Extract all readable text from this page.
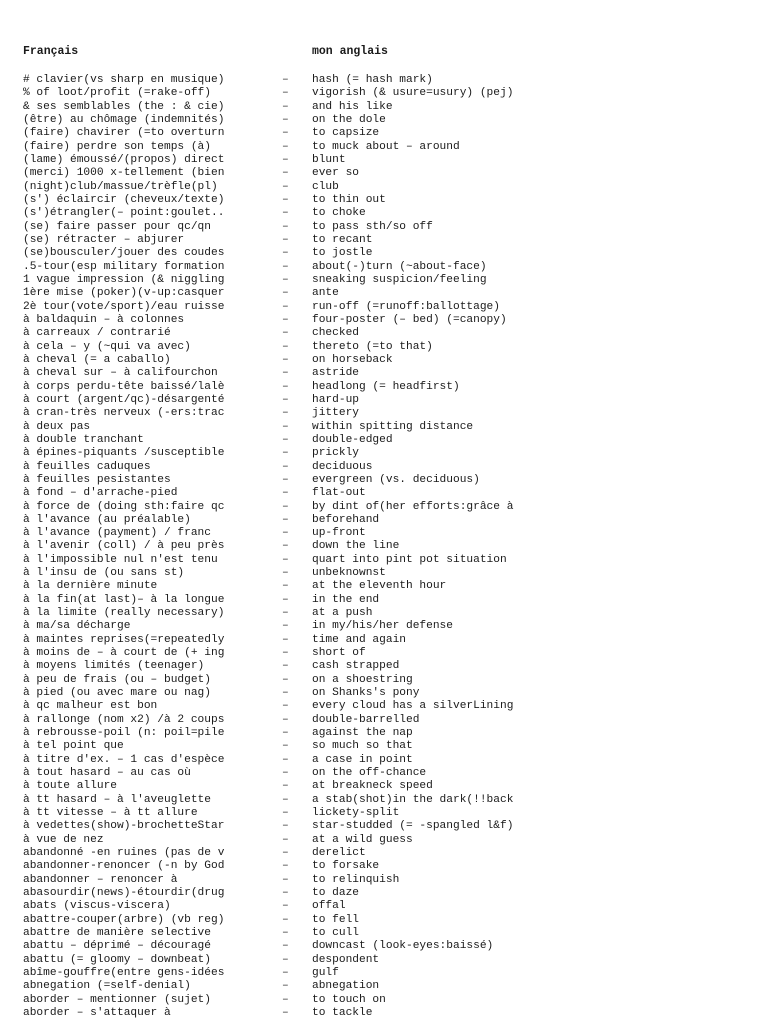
Français	mon anglais
# clavier(vs sharp en musique)	– hash (= hash mark)
% of loot/profit (=rake-off)	– vigorish (& usure=usury) (pej)
& ses semblables (the : & cie)	– and his like
(être) au chômage (indemnités)	– on the dole
(faire) chavirer (=to overturn	– to capsize
(faire) perdre son temps (à)	– to muck about – around
(lame) émoussé/(propos) direct	– blunt
(merci) 1000 x-tellement (bien	– ever so
(night)club/massue/trèfle(pl)	– club
(s') éclaircir (cheveux/texte)	– to thin out
(s')étrangler(– point:goulet..	– to choke
(se) faire passer pour qc/qn	– to pass sth/so off
(se) rétracter – abjurer	– to recant
(se)bousculer/jouer des coudes	– to jostle
.5-tour(esp military formation	– about(-)turn (~about-face)
1 vague impression (& niggling	– sneaking suspicion/feeling
1ère mise (poker)(v-up:casquer	– ante
2è tour(vote/sport)/eau ruisse	– run-off (=runoff:ballottage)
à baldaquin – à colonnes	– four-poster (– bed) (=canopy)
à carreaux / contrarié	– checked
à cela – y (~qui va avec)	– thereto (=to that)
à cheval (= a caballo)	– on horseback
à cheval sur – à califourchon	– astride
à corps perdu-tête baissé/lalè	– headlong (= headfirst)
à court (argent/qc)-désargenté	– hard-up
à cran-très nerveux (-ers:trac	– jittery
à deux pas	– within spitting distance
à double tranchant	– double-edged
à épines-piquants /susceptible	– prickly
à feuilles caduques	– deciduous
à feuilles pesistantes	– evergreen (vs. deciduous)
à fond – d'arrache-pied	– flat-out
à force de (doing sth:faire qc	– by dint of(her efforts:grâce à
à l'avance (au préalable)	– beforehand
à l'avance (payment) / franc	– up-front
à l'avenir (coll) / à peu près	– down the line
à l'impossible nul n'est tenu	– quart into pint pot situation
à l'insu de (ou sans st)	– unbeknownst
à la dernière minute	– at the eleventh hour
à la fin(at last)– à la longue	– in the end
à la limite (really necessary)	– at a push
à ma/sa décharge	– in my/his/her defense
à maintes reprises(=repeatedly	– time and again
à moins de – à court de (+ ing	– short of
à moyens limités (teenager)	– cash strapped
à peu de frais (ou – budget)	– on a shoestring
à pied (ou avec mare ou nag)	– on Shanks's pony
à qc malheur est bon	– every cloud has a silverLining
à rallonge (nom x2) /à 2 coups	– double-barrelled
à rebrousse-poil (n: poil=pile	– against the nap
à tel point que	– so much so that
à titre d'ex. – 1 cas d'espèce	– a case in point
à tout hasard – au cas où	– on the off-chance
à toute allure	– at breakneck speed
à tt hasard – à l'aveuglette	– a stab(shot)in the dark(!!back
à tt vitesse – à tt allure	– lickety-split
à vedettes(show)-brochetteStar	– star-studded (= -spangled l&f)
à vue de nez	– at a wild guess
abandonné -en ruines (pas de v	– derelict
abandonner-renoncer (-n by God	– to forsake
abandonner – renoncer à	– to relinquish
abasourdir(news)-étourdir(drug	– to daze
abats (viscus-viscera)	– offal
abattre-couper(arbre) (vb reg)	– to fell
abattre de manière selective	– to cull
abattu – déprimé – découragé	– downcast (look-eyes:baissé)
abattu (= gloomy – downbeat)	– despondent
abîme-gouffre(entre gens-idées	– gulf
abnegation (=self-denial)	– abnegation
aborder – mentionner (sujet)	– to touch on
aborder – s'attaquer à	– to tackle
